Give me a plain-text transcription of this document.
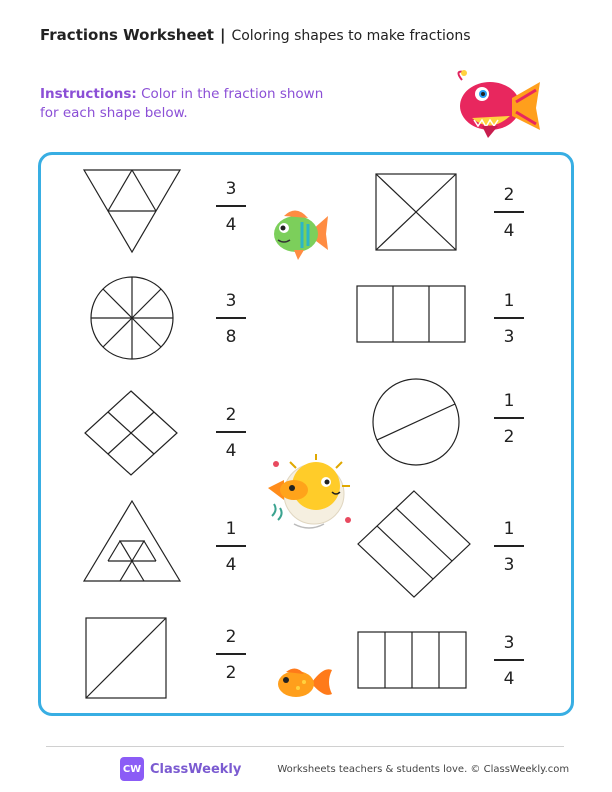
Fractions Worksheet | Coloring shapes to make fractions
Instructions: Color in the fraction shown for each shape below.
3
4
2
4
3
8
1
3
2
4
1
2
1
4
1
3
2
2
3
4
CW ClassWeekly	Worksheets teachers & students love. © ClassWeekly.com
